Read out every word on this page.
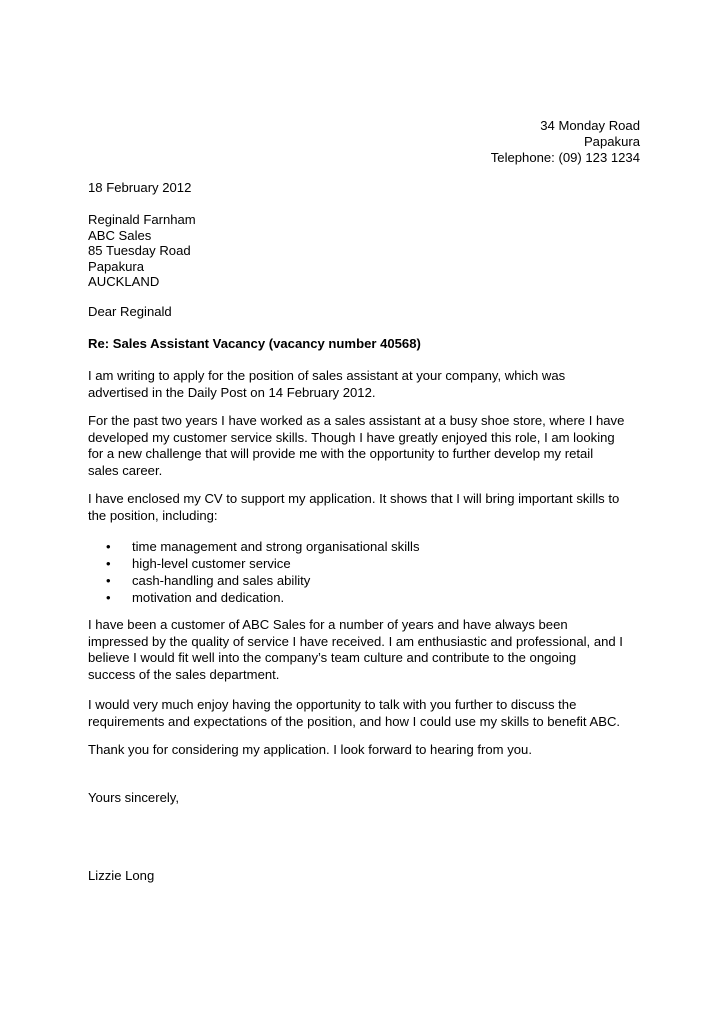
34 Monday Road
Papakura
Telephone: (09) 123 1234
18 February 2012
Reginald Farnham
ABC Sales
85 Tuesday Road
Papakura
AUCKLAND
Dear Reginald
Re: Sales Assistant Vacancy (vacancy number 40568)
I am writing to apply for the position of sales assistant at your company, which was
advertised in the Daily Post on 14 February 2012.
For the past two years I have worked as a sales assistant at a busy shoe store, where I have
developed my customer service skills. Though I have greatly enjoyed this role, I am looking
for a new challenge that will provide me with the opportunity to further develop my retail
sales career.
I have enclosed my CV to support my application. It shows that I will bring important skills to
the position, including:
• time management and strong organisational skills
• high-level customer service
• cash-handling and sales ability
• motivation and dedication.
I have been a customer of ABC Sales for a number of years and have always been
impressed by the quality of service I have received. I am enthusiastic and professional, and I
believe I would fit well into the company’s team culture and contribute to the ongoing
success of the sales department.
I would very much enjoy having the opportunity to talk with you further to discuss the
requirements and expectations of the position, and how I could use my skills to benefit ABC.
Thank you for considering my application. I look forward to hearing from you.
Yours sincerely,
Lizzie Long
